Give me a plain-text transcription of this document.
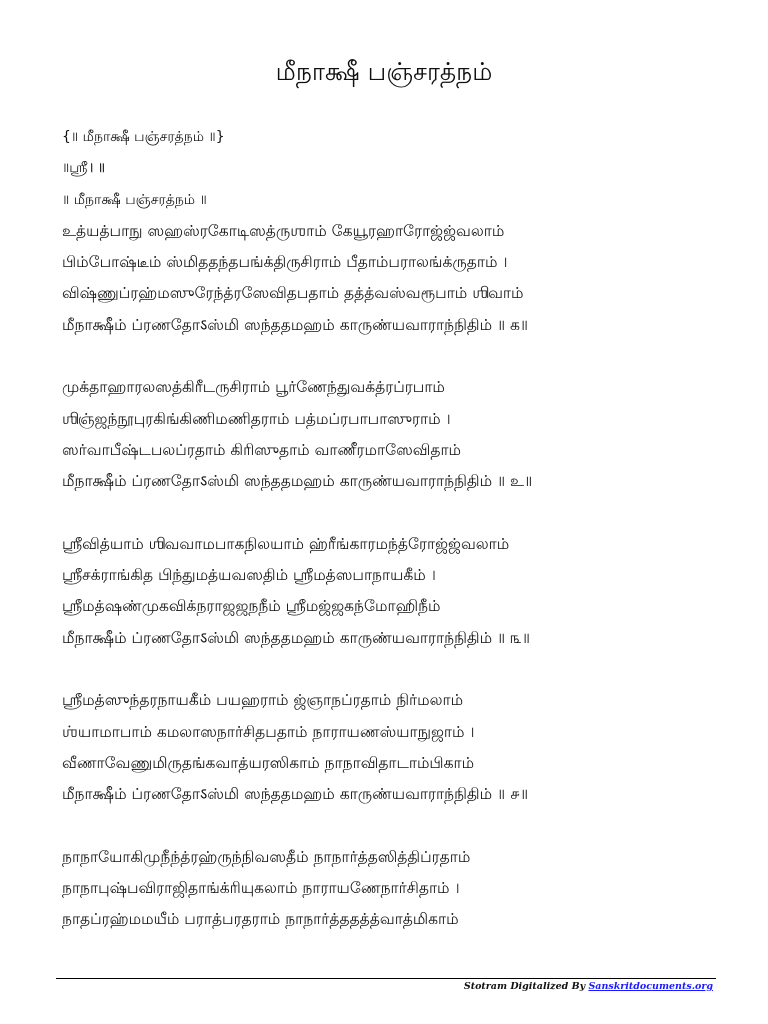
மீநாக்ஷீ பஞ்சரத்நம்
{॥ மீநாக்ஷீ பஞ்சரத்நம் ॥}
॥ஶ்ரீ꠰॥
॥ மீநாக்ஷீ பஞ்சரத்நம் ॥
உத்யத்பாநு ஸஹஸ்ரகோடிஸத்ருஶாம் கேயூரஹாரோஜ்ஜ்வலாம்
பிம்போஷ்டீம் ஸ்மிததந்தபங்க்திருசிராம் பீதாம்பராலங்க்ருதாம் ।
விஷ்ணுப்ரஹ்மஸுரேந்த்ரஸேவிதபதாம் தத்த்வஸ்வரூபாம் ஶிவாம்
மீநாக்ஷீம் ப்ரணதோऽஸ்மி ஸந்ததமஹம் காருண்யவாராந்நிதிம் ॥ க॥
முக்தாஹாரலஸத்கிரீடருசிராம் பூர்ணேந்துவக்த்ரப்ரபாம்
ஶிஞ்ஜந்நூபுரகிங்கிணிமணிதராம் பத்மப்ரபாபாஸுராம் ।
ஸர்வாபீஷ்டபலப்ரதாம் கிரிஸுதாம் வாணீரமாஸேவிதாம்
மீநாக்ஷீம் ப்ரணதோऽஸ்மி ஸந்ததமஹம் காருண்யவாராந்நிதிம் ॥ உ॥
ஶ்ரீவித்யாம் ஶிவவாமபாகநிலயாம் ஹ்ரீங்காரமந்த்ரோஜ்ஜ்வலாம்
ஶ்ரீசக்ராங்கித பிந்துமத்யவஸதிம் ஶ்ரீமத்ஸபாநாயகீம் ।
ஶ்ரீமத்ஷண்முகவிக்நராஜஜநநீம் ஶ்ரீமஜ்ஜகந்மோஹிநீம்
மீநாக்ஷீம் ப்ரணதோऽஸ்மி ஸந்ததமஹம் காருண்யவாராந்நிதிம் ॥ ௩॥
ஶ்ரீமத்ஸுந்தரநாயகீம் பயஹராம் ஜ்ஞாநப்ரதாம் நிர்மலாம்
ஶ்யாமாபாம் கமலாஸநார்சிதபதாம் நாராயணஸ்யாநுஜாம் ।
வீணாவேணுமிருதங்கவாத்யரஸிகாம் நாநாவிதாடாம்பிகாம்
மீநாக்ஷீம் ப்ரணதோऽஸ்மி ஸந்ததமஹம் காருண்யவாராந்நிதிம் ॥ ௪॥
நாநாயோகிமுநீந்த்ரஹ்ருந்நிவஸதீம் நாநார்த்தஸித்திப்ரதாம்
நாநாபுஷ்பவிராஜிதாங்க்ரியுகலாம் நாராயணேநார்சிதாம் ।
நாதப்ரஹ்மமயீம் பராத்பரதராம் நாநார்த்ததத்த்வாத்மிகாம்
Stotram Digitalized By Sanskritdocuments.org
